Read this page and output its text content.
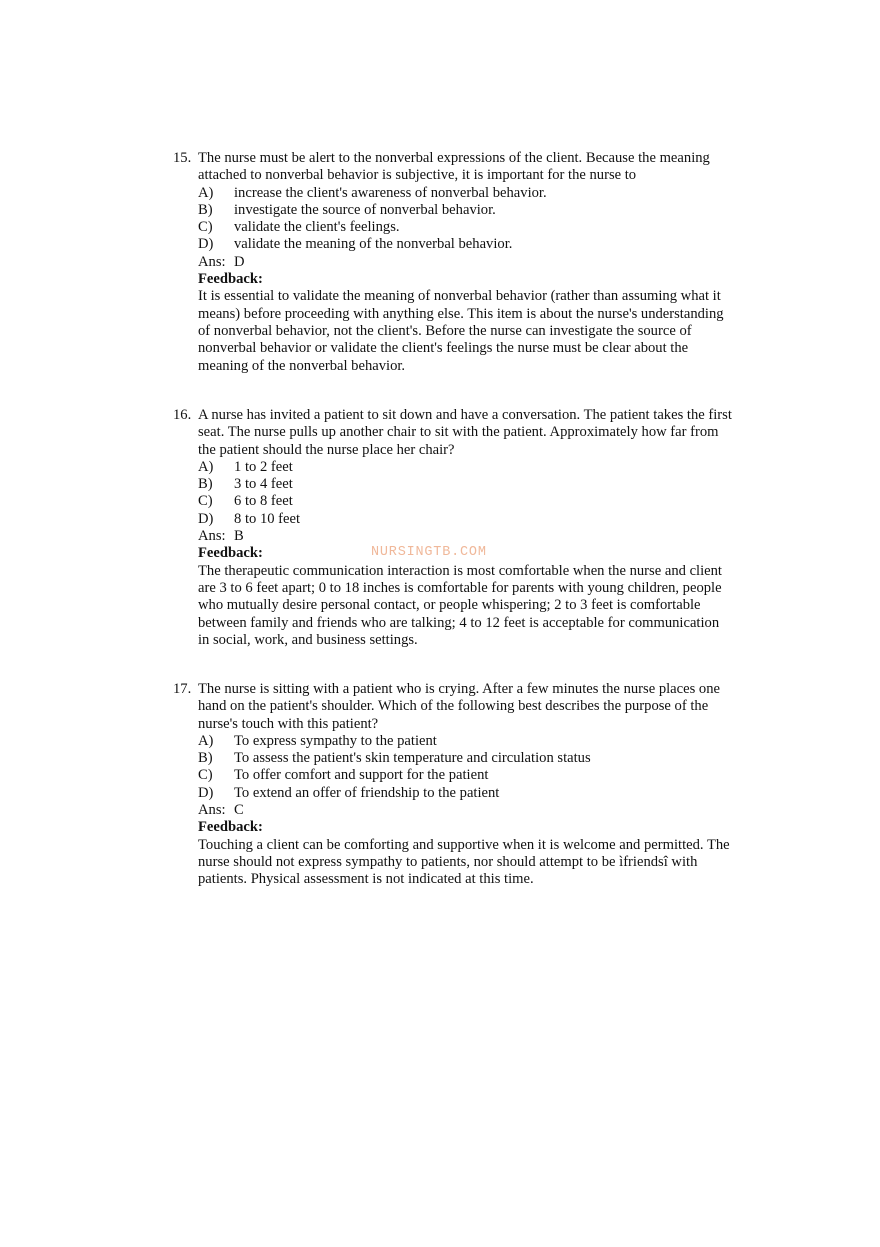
15. The nurse must be alert to the nonverbal expressions of the client. Because the meaning attached to nonverbal behavior is subjective, it is important for the nurse to
A)	increase the client's awareness of nonverbal behavior.
B)	investigate the source of nonverbal behavior.
C)	validate the client's feelings.
D)	validate the meaning of the nonverbal behavior.
Ans: D
Feedback:
It is essential to validate the meaning of nonverbal behavior (rather than assuming what it means) before proceeding with anything else. This item is about the nurse's understanding of nonverbal behavior, not the client's. Before the nurse can investigate the source of nonverbal behavior or validate the client's feelings the nurse must be clear about the meaning of the nonverbal behavior.
16. A nurse has invited a patient to sit down and have a conversation. The patient takes the first seat. The nurse pulls up another chair to sit with the patient. Approximately how far from the patient should the nurse place her chair?
A)	1 to 2 feet
B)	3 to 4 feet
C)	6 to 8 feet
D)	8 to 10 feet
Ans: B
Feedback:
The therapeutic communication interaction is most comfortable when the nurse and client are 3 to 6 feet apart; 0 to 18 inches is comfortable for parents with young children, people who mutually desire personal contact, or people whispering; 2 to 3 feet is comfortable between family and friends who are talking; 4 to 12 feet is acceptable for communication in social, work, and business settings.
17. The nurse is sitting with a patient who is crying. After a few minutes the nurse places one hand on the patient's shoulder. Which of the following best describes the purpose of the nurse's touch with this patient?
A)	To express sympathy to the patient
B)	To assess the patient's skin temperature and circulation status
C)	To offer comfort and support for the patient
D)	To extend an offer of friendship to the patient
Ans: C
Feedback:
Touching a client can be comforting and supportive when it is welcome and permitted. The nurse should not express sympathy to patients, nor should attempt to be ìfriendsî with patients. Physical assessment is not indicated at this time.
NURSINGTB.COM
